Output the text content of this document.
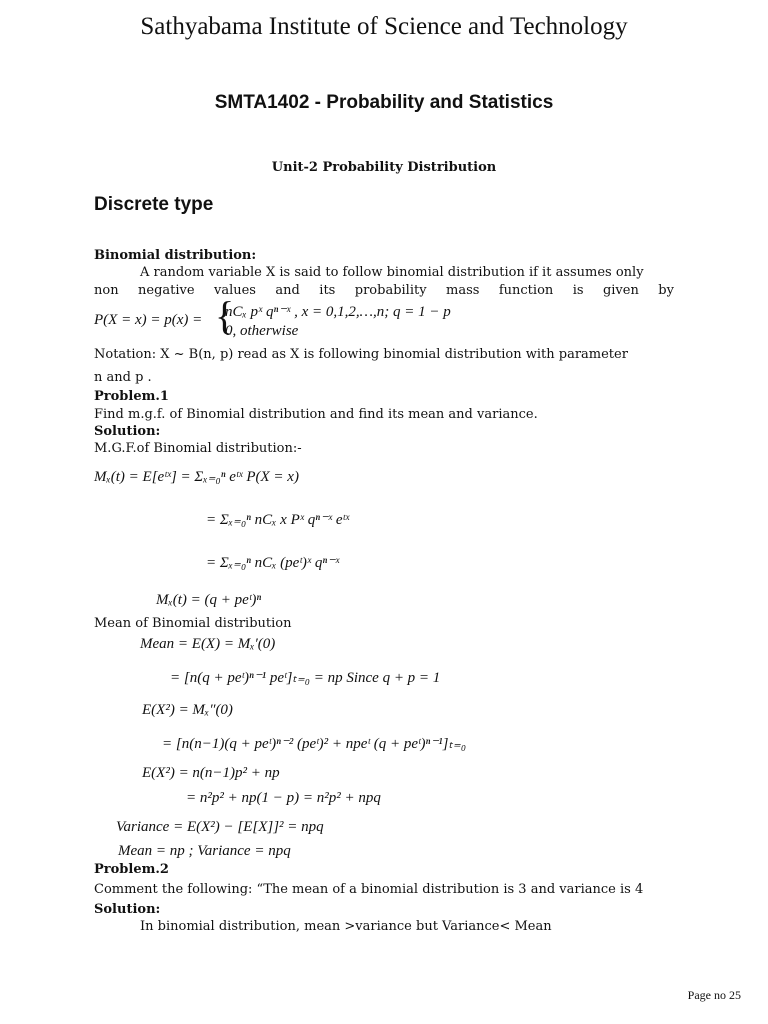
Sathyabama Institute of Science and Technology
SMTA1402 - Probability and Statistics
Unit-2 Probability Distribution
Discrete type
Binomial distribution:
A random variable X is said to follow binomial distribution if it assumes only
non negative values and its probability mass function is given by
P(X = x) = p(x) = {
nCₓ pˣ qⁿ⁻ˣ , x = 0,1,2,…,n; q = 1 − p
0, otherwise
Notation: X ~ B(n, p) read as X is following binomial distribution with parameter
n and p .
Problem.1
Find m.g.f. of Binomial distribution and find its mean and variance.
Solution:
M.G.F.of Binomial distribution:-
Mₓ(t) = E[eᵗˣ] = Σₓ₌₀ⁿ eᵗˣ P(X = x)
= Σₓ₌₀ⁿ nCₓ x Pˣ qⁿ⁻ˣ eᵗˣ
= Σₓ₌₀ⁿ nCₓ (peᵗ)ˣ qⁿ⁻ˣ
Mₓ(t) = (q + peᵗ)ⁿ
Mean of Binomial distribution
Mean = E(X) = Mₓ′(0)
= [n(q + peᵗ)ⁿ⁻¹ peᵗ]ₜ₌₀ = np Since q + p = 1
E(X²) = Mₓ″(0)
= [n(n−1)(q + peᵗ)ⁿ⁻² (peᵗ)² + npeᵗ (q + peᵗ)ⁿ⁻¹]ₜ₌₀
E(X²) = n(n−1)p² + np
= n²p² + np(1 − p) = n²p² + npq
Variance = E(X²) − [E[X]]² = npq
Mean = np ; Variance = npq
Problem.2
Comment the following: “The mean of a binomial distribution is 3 and variance is 4
Solution:
In binomial distribution, mean >variance but Variance< Mean
Page no 25
